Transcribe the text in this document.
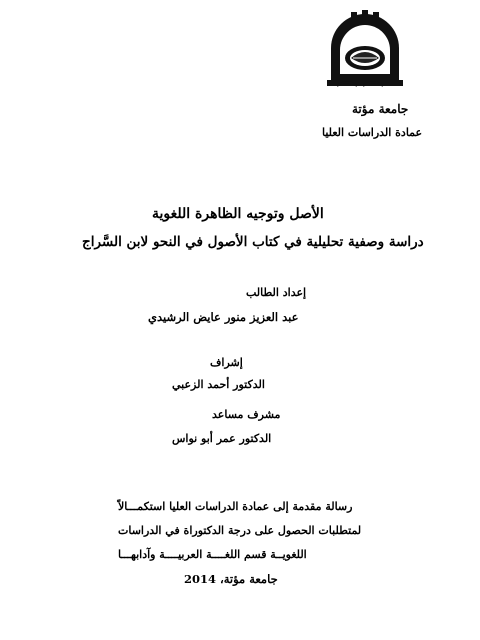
جامعة مؤتة
عمادة الدراسات العليا
الأصل وتوجيه الظاهرة اللغوية
دراسة وصفية تحليلية في كتاب الأصول في النحو لابن السَّراج
إعداد الطالب
عبد العزيز منور عايض الرشيدي
إشراف
الدكتور أحمد الزعبي
مشرف مساعد
الدكتور عمر أبو نواس
رسالة مقدمة إلى عمادة الدراسات العليا استكمـــالاً
لمتطلبات الحصول على درجة الدكتوراة في الدراسات
اللغويــة قسم اللغــــة العربيــــة وآدابهـــا
جامعة مؤتة، 2014
